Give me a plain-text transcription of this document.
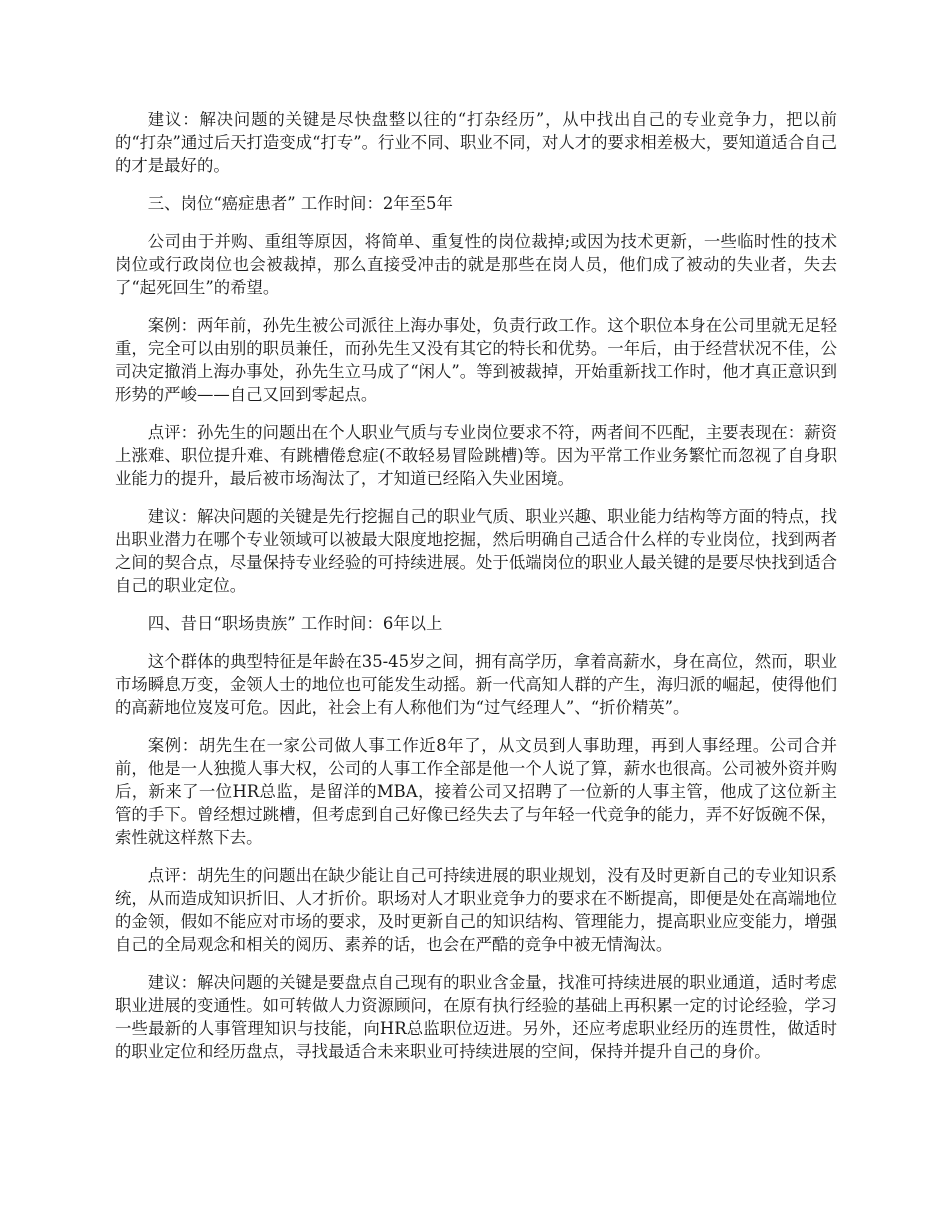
建议：解决问题的关键是尽快盘整以往的“打杂经历”，从中找出自己的专业竞争力，把以前的“打杂”通过后天打造变成“打专”。行业不同、职业不同，对人才的要求相差极大，要知道适合自己的才是最好的。

三、岗位“癌症患者” 工作时间：2年至5年

公司由于并购、重组等原因，将简单、重复性的岗位裁掉;或因为技术更新，一些临时性的技术岗位或行政岗位也会被裁掉，那么直接受冲击的就是那些在岗人员，他们成了被动的失业者，失去了“起死回生”的希望。

案例：两年前，孙先生被公司派往上海办事处，负责行政工作。这个职位本身在公司里就无足轻重，完全可以由别的职员兼任，而孙先生又没有其它的特长和优势。一年后，由于经营状况不佳，公司决定撤消上海办事处，孙先生立马成了“闲人”。等到被裁掉，开始重新找工作时，他才真正意识到形势的严峻——自己又回到零起点。

点评：孙先生的问题出在个人职业气质与专业岗位要求不符，两者间不匹配，主要表现在：薪资上涨难、职位提升难、有跳槽倦怠症(不敢轻易冒险跳槽)等。因为平常工作业务繁忙而忽视了自身职业能力的提升，最后被市场淘汰了，才知道已经陷入失业困境。

建议：解决问题的关键是先行挖掘自己的职业气质、职业兴趣、职业能力结构等方面的特点，找出职业潜力在哪个专业领域可以被最大限度地挖掘，然后明确自己适合什么样的专业岗位，找到两者之间的契合点，尽量保持专业经验的可持续进展。处于低端岗位的职业人最关键的是要尽快找到适合自己的职业定位。

四、昔日“职场贵族” 工作时间：6年以上

这个群体的典型特征是年龄在35-45岁之间，拥有高学历，拿着高薪水，身在高位，然而，职业市场瞬息万变，金领人士的地位也可能发生动摇。新一代高知人群的产生，海归派的崛起，使得他们的高薪地位岌岌可危。因此，社会上有人称他们为“过气经理人”、“折价精英”。

案例：胡先生在一家公司做人事工作近8年了，从文员到人事助理，再到人事经理。公司合并前，他是一人独揽人事大权，公司的人事工作全部是他一个人说了算，薪水也很高。公司被外资并购后，新来了一位HR总监，是留洋的MBA，接着公司又招聘了一位新的人事主管，他成了这位新主管的手下。曾经想过跳槽，但考虑到自己好像已经失去了与年轻一代竞争的能力，弄不好饭碗不保，索性就这样熬下去。

点评：胡先生的问题出在缺少能让自己可持续进展的职业规划，没有及时更新自己的专业知识系统，从而造成知识折旧、人才折价。职场对人才职业竞争力的要求在不断提高，即便是处在高端地位的金领，假如不能应对市场的要求，及时更新自己的知识结构、管理能力，提高职业应变能力，增强自己的全局观念和相关的阅历、素养的话，也会在严酷的竞争中被无情淘汰。

建议：解决问题的关键是要盘点自己现有的职业含金量，找准可持续进展的职业通道，适时考虑职业进展的变通性。如可转做人力资源顾问，在原有执行经验的基础上再积累一定的讨论经验，学习一些最新的人事管理知识与技能，向HR总监职位迈进。另外，还应考虑职业经历的连贯性，做适时的职业定位和经历盘点，寻找最适合未来职业可持续进展的空间，保持并提升自己的身价。
